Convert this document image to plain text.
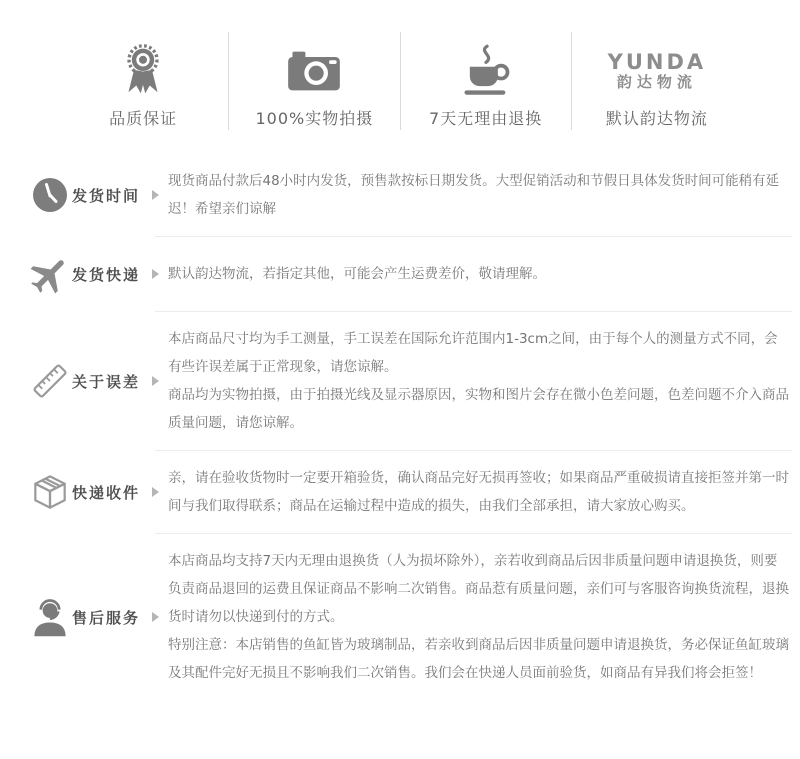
品质保证	100%实物拍摄	7天无理由退换
YUNDA
韵达物流
默认韵达物流
发货时间

现货商品付款后48小时内发货，预售款按标日期发货。大型促销活动和节假日具体发货时间可能稍有延迟！希望亲们谅解

发货快递 默认韵达物流，若指定其他，可能会产生运费差价，敬请理解。

关于误差

本店商品尺寸均为手工测量，手工误差在国际允许范围内1-3cm之间，由于每个人的测量方式不同，会有些许误差属于正常现象，请您谅解。

商品均为实物拍摄，由于拍摄光线及显示器原因，实物和图片会存在微小色差问题，色差问题不介入商品质量问题，请您谅解。

快递收件

亲，请在验收货物时一定要开箱验货，确认商品完好无损再签收；如果商品严重破损请直接拒签并第一时间与我们取得联系；商品在运输过程中造成的损失，由我们全部承担，请大家放心购买。

售后服务

本店商品均支持7天内无理由退换货（人为损坏除外），亲若收到商品后因非质量问题申请退换货，则要负责商品退回的运费且保证商品不影响二次销售。商品惹有质量问题，亲们可与客服咨询换货流程，退换货时请勿以快递到付的方式。

特别注意：本店销售的鱼缸皆为玻璃制品，若亲收到商品后因非质量问题申请退换货，务必保证鱼缸玻璃及其配件完好无损且不影响我们二次销售。我们会在快递人员面前验货，如商品有异我们将会拒签！
